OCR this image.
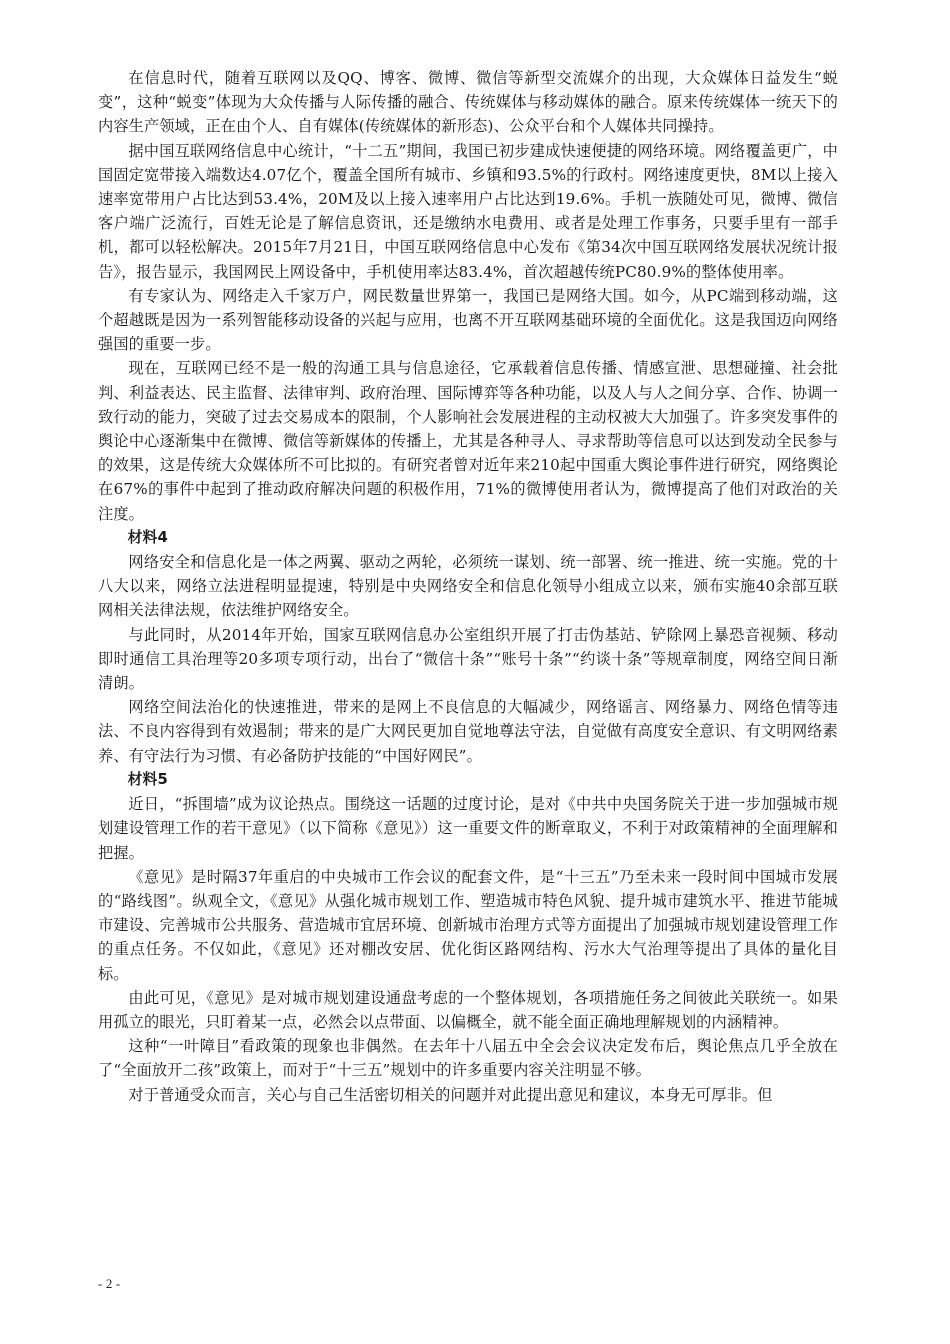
在信息时代，随着互联网以及QQ、博客、微博、微信等新型交流媒介的出现，大众媒体日益发生“蜕变”，这种“蜕变”体现为大众传播与人际传播的融合、传统媒体与移动媒体的融合。原来传统媒体一统天下的内容生产领域，正在由个人、自有媒体(传统媒体的新形态)、公众平台和个人媒体共同操持。

据中国互联网络信息中心统计，“十二五”期间，我国已初步建成快速便捷的网络环境。网络覆盖更广，中国固定宽带接入端数达4.07亿个，覆盖全国所有城市、乡镇和93.5%的行政村。网络速度更快，8M以上接入速率宽带用户占比达到53.4%，20M及以上接入速率用户占比达到19.6%。手机一族随处可见，微博、微信客户端广泛流行，百姓无论是了解信息资讯，还是缴纳水电费用、或者是处理工作事务，只要手里有一部手机，都可以轻松解决。2015年7月21日，中国互联网络信息中心发布《第34次中国互联网络发展状况统计报告》，报告显示，我国网民上网设备中，手机使用率达83.4%，首次超越传统PC80.9%的整体使用率。

有专家认为、网络走入千家万户，网民数量世界第一，我国已是网络大国。如今，从PC端到移动端，这个超越既是因为一系列智能移动设备的兴起与应用，也离不开互联网基础环境的全面优化。这是我国迈向网络强国的重要一步。

现在，互联网已经不是一般的沟通工具与信息途径，它承载着信息传播、情感宣泄、思想碰撞、社会批判、利益表达、民主监督、法律审判、政府治理、国际博弈等各种功能，以及人与人之间分享、合作、协调一致行动的能力，突破了过去交易成本的限制，个人影响社会发展进程的主动权被大大加强了。许多突发事件的舆论中心逐渐集中在微博、微信等新媒体的传播上，尤其是各种寻人、寻求帮助等信息可以达到发动全民参与的效果，这是传统大众媒体所不可比拟的。有研究者曾对近年来210起中国重大舆论事件进行研究，网络舆论在67%的事件中起到了推动政府解决问题的积极作用，71%的微博使用者认为，微博提高了他们对政治的关注度。

材料4

网络安全和信息化是一体之两翼、驱动之两轮，必须统一谋划、统一部署、统一推进、统一实施。党的十八大以来，网络立法进程明显提速，特别是中央网络安全和信息化领导小组成立以来，颁布实施40余部互联网相关法律法规，依法维护网络安全。

与此同时，从2014年开始，国家互联网信息办公室组织开展了打击伪基站、铲除网上暴恐音视频、移动即时通信工具治理等20多项专项行动，出台了“微信十条”“账号十条”“约谈十条”等规章制度，网络空间日渐清朗。

网络空间法治化的快速推进，带来的是网上不良信息的大幅减少，网络谣言、网络暴力、网络色情等违法、不良内容得到有效遏制；带来的是广大网民更加自觉地尊法守法，自觉做有高度安全意识、有文明网络素养、有守法行为习惯、有必备防护技能的“中国好网民”。

材料5

近日，“拆围墙”成为议论热点。围绕这一话题的过度讨论，是对《中共中央国务院关于进一步加强城市规划建设管理工作的若干意见》（以下简称《意见》）这一重要文件的断章取义，不利于对政策精神的全面理解和把握。

《意见》是时隔37年重启的中央城市工作会议的配套文件，是“十三五”乃至未来一段时间中国城市发展的“路线图”。纵观全文，《意见》从强化城市规划工作、塑造城市特色风貌、提升城市建筑水平、推进节能城市建设、完善城市公共服务、营造城市宜居环境、创新城市治理方式等方面提出了加强城市规划建设管理工作的重点任务。不仅如此，《意见》还对棚改安居、优化街区路网结构、污水大气治理等提出了具体的量化目标。

由此可见，《意见》是对城市规划建设通盘考虑的一个整体规划，各项措施任务之间彼此关联统一。如果用孤立的眼光，只盯着某一点，必然会以点带面、以偏概全，就不能全面正确地理解规划的内涵精神。

这种“一叶障目”看政策的现象也非偶然。在去年十八届五中全会会议决定发布后，舆论焦点几乎全放在了“全面放开二孩”政策上，而对于“十三五”规划中的许多重要内容关注明显不够。

对于普通受众而言，关心与自己生活密切相关的问题并对此提出意见和建议，本身无可厚非。但

- 2 -
